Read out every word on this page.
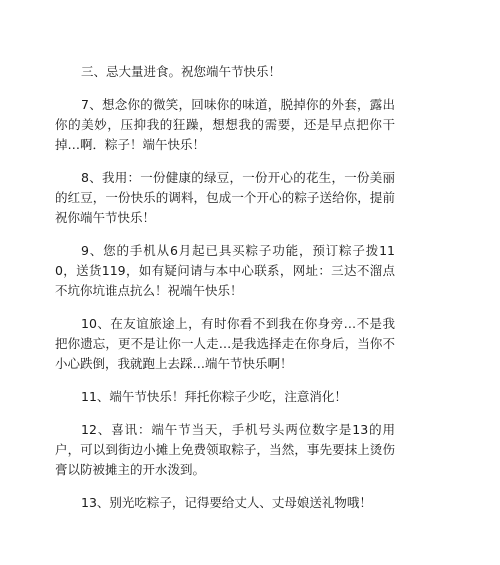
三、忌大量进食。祝您端午节快乐！

7、想念你的微笑，回味你的味道，脱掉你的外套，露出你的美妙，压抑我的狂躁，想想我的需要，还是早点把你干掉…啊．粽子！端午快乐！

8、我用：一份健康的绿豆，一份开心的花生，一份美丽的红豆，一份快乐的调料，包成一个开心的粽子送给你，提前祝你端午节快乐！

9、您的手机从6月起已具买粽子功能，预订粽子拨110，送货119，如有疑问请与本中心联系，网址：三达不溜点不坑你坑谁点抗么！祝端午快乐！

10、在友谊旅途上，有时你看不到我在你身旁…不是我把你遗忘，更不是让你一人走…是我选择走在你身后，当你不小心跌倒，我就跑上去踩…端午节快乐啊！

11、端午节快乐！拜托你粽子少吃，注意消化！

12、喜讯：端午节当天，手机号头两位数字是13的用户，可以到街边小摊上免费领取粽子，当然，事先要抹上烫伤膏以防被摊主的开水泼到。

13、别光吃粽子，记得要给丈人、丈母娘送礼物哦！
